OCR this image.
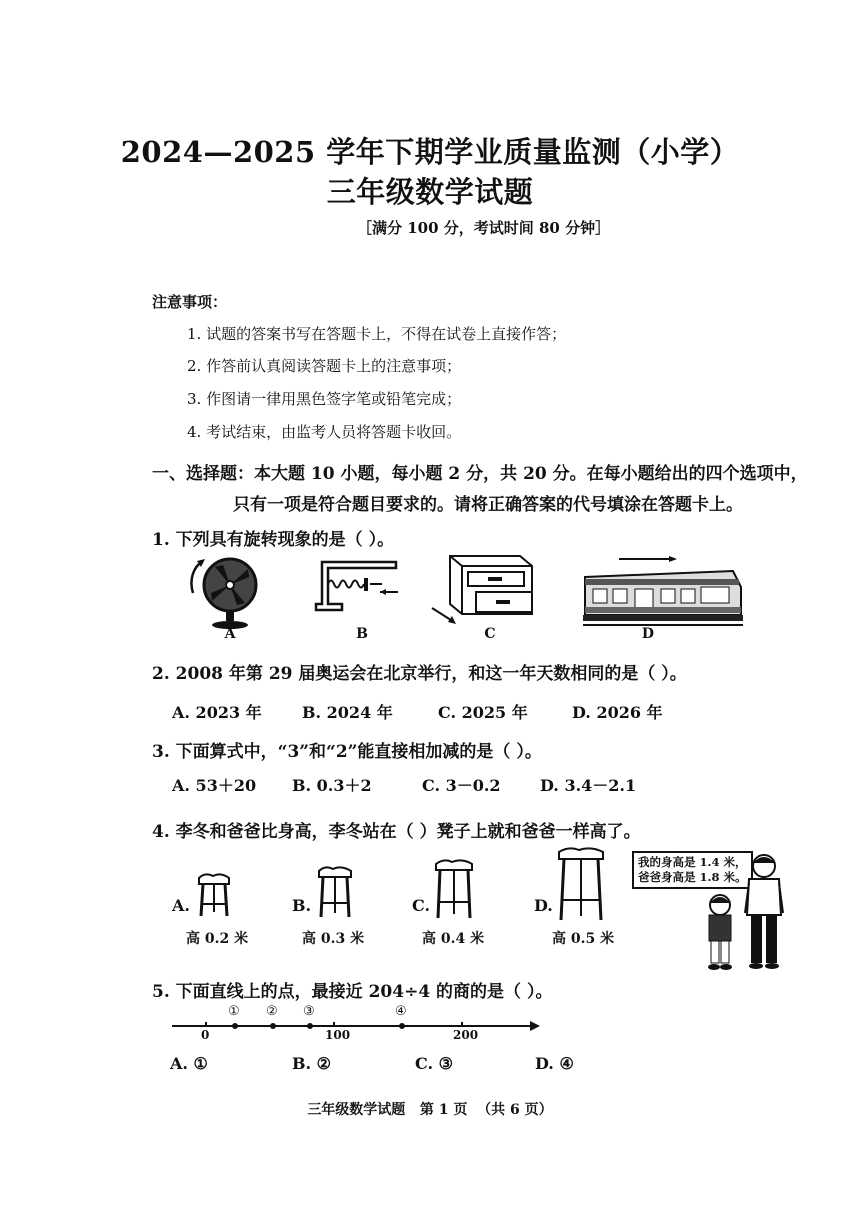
2024—2025 学年下期学业质量监测（小学）
三年级数学试题
［满分 100 分，考试时间 80 分钟］
注意事项：
1. 试题的答案书写在答题卡上，不得在试卷上直接作答；
2. 作答前认真阅读答题卡上的注意事项；
3. 作图请一律用黑色签字笔或铅笔完成；
4. 考试结束，由监考人员将答题卡收回。
一、选择题：本大题 10 小题，每小题 2 分，共 20 分。在每小题给出的四个选项中，
只有一项是符合题目要求的。请将正确答案的代号填涂在答题卡上。
1. 下列具有旋转现象的是（ ）。
A	B	C	D
2. 2008 年第 29 届奥运会在北京举行，和这一年天数相同的是（ ）。
A. 2023 年	B. 2024 年	C. 2025 年	D. 2026 年
3. 下面算式中，“3”和“2”能直接相加减的是（ ）。
A. 53＋20 B. 0.3＋2	C. 3－0.2 D. 3.4－2.1
4. 李冬和爸爸比身高，李冬站在（ ）凳子上就和爸爸一样高了。
A.
高 0.2 米
B.
高 0.3 米
C.
高 0.4 米
D.
高 0.5 米
我的身高是 1.4 米，
爸爸身高是 1.8 米。
5. 下面直线上的点，最接近 204÷4 的商的是（ ）。
0	100	200
① ② ③	④
A. ①	B. ②	C. ③	D. ④
三年级数学试题   第 1 页  （共 6 页）
